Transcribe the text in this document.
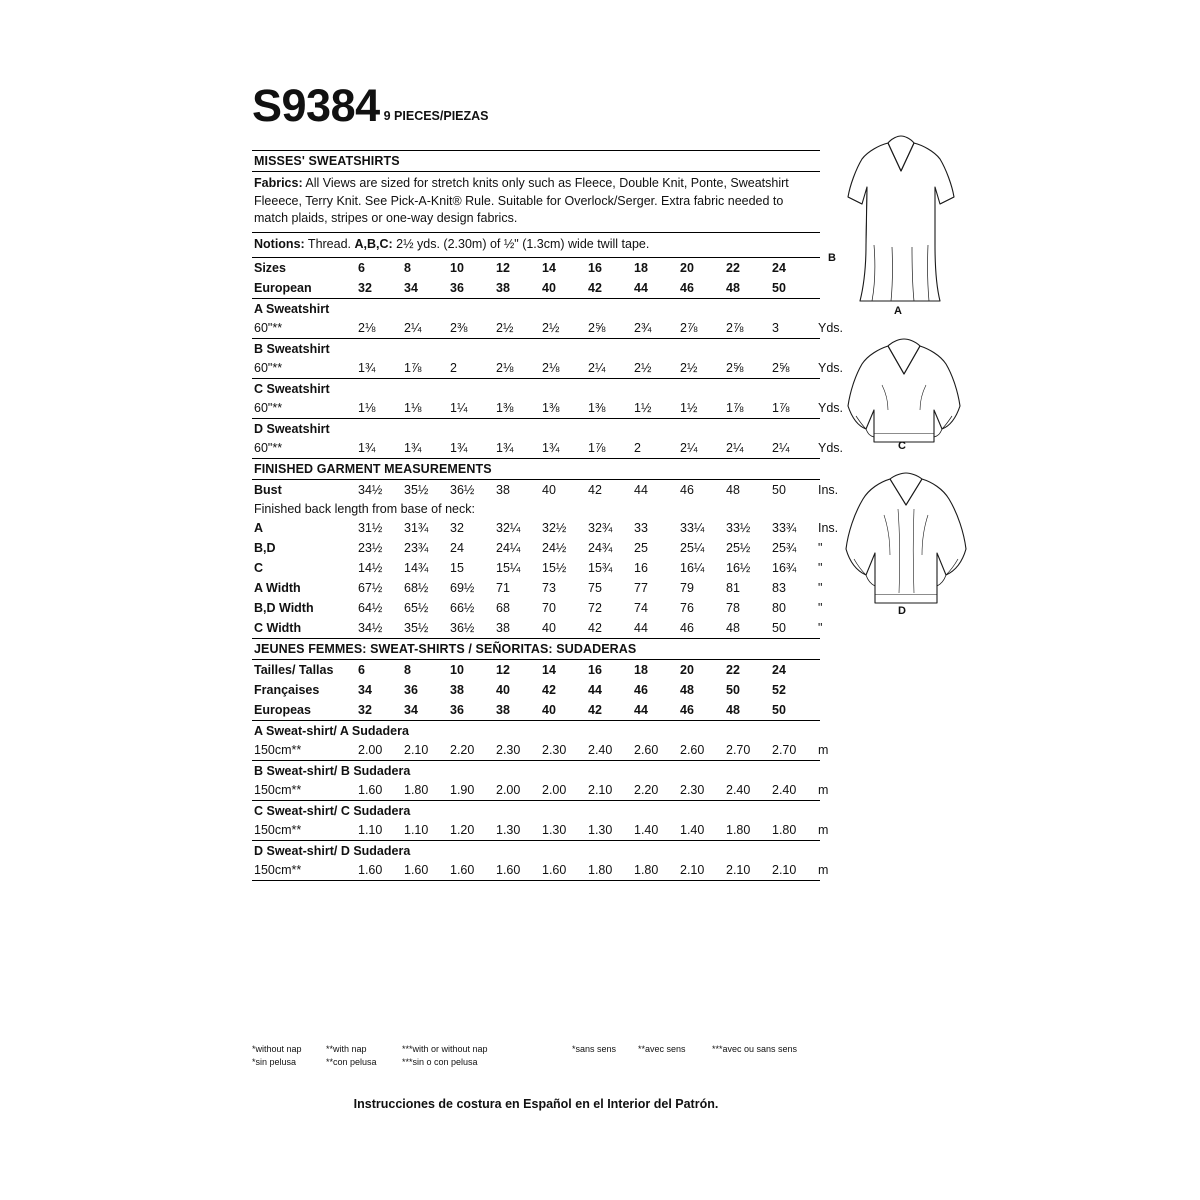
S9384 9 PIECES/PIEZAS
MISSES' SWEATSHIRTS
Fabrics: All Views are sized for stretch knits only such as Fleece, Double Knit, Ponte, Sweatshirt Fleeece, Terry Knit. See Pick-A-Knit® Rule. Suitable for Overlock/Serger. Extra fabric needed to match plaids, stripes or one-way design fabrics.
Notions: Thread. A,B,C: 2½ yds. (2.30m) of ½" (1.3cm) wide twill tape.
Sizes	6	8	10	12	14	16	18	20	22	24
European	32	34	36	38	40	42	44	46	48	50
A Sweatshirt
60"**	2⅛	2¼	2⅜	2½	2½	2⅝	2¾	2⅞	2⅞	3	Yds.
B Sweatshirt
60"**	1¾	1⅞	2	2⅛	2⅛	2¼	2½	2½	2⅝	2⅝	Yds.
C Sweatshirt
60"**	1⅛	1⅛	1¼	1⅜	1⅜	1⅜	1½	1½	1⅞	1⅞	Yds.
D Sweatshirt
60"**	1¾	1¾	1¾	1¾	1¾	1⅞	2	2¼	2¼	2¼	Yds.
FINISHED GARMENT MEASUREMENTS
Bust	34½	35½	36½	38	40	42	44	46	48	50	Ins.
Finished back length from base of neck:
A	31½	31¾	32	32¼	32½	32¾	33	33¼	33½	33¾	Ins.
B,D	23½	23¾	24	24¼	24½	24¾	25	25¼	25½	25¾	"
C	14½	14¾	15	15¼	15½	15¾	16	16¼	16½	16¾	"
A Width	67½	68½	69½	71	73	75	77	79	81	83	"
B,D Width	64½	65½	66½	68	70	72	74	76	78	80	"
C Width	34½	35½	36½	38	40	42	44	46	48	50	"
JEUNES FEMMES: SWEAT-SHIRTS / SEÑORITAS: SUDADERAS
Tailles/ Tallas	6	8	10	12	14	16	18	20	22	24
Françaises	34	36	38	40	42	44	46	48	50	52
Europeas	32	34	36	38	40	42	44	46	48	50
A Sweat-shirt/ A Sudadera
150cm**	2.00	2.10	2.20	2.30	2.30	2.40	2.60	2.60	2.70	2.70	m
B Sweat-shirt/ B Sudadera
150cm**	1.60	1.80	1.90	2.00	2.00	2.10	2.20	2.30	2.40	2.40	m
C Sweat-shirt/ C Sudadera
150cm**	1.10	1.10	1.20	1.30	1.30	1.30	1.40	1.40	1.80	1.80	m
D Sweat-shirt/ D Sudadera
150cm**	1.60	1.60	1.60	1.60	1.60	1.80	1.80	2.10	2.10	2.10	m
*without nap	**with nap	***with or without nap	*sans sens	**avec sens	***avec ou sans sens
*sin pelusa	**con pelusa	***sin o con pelusa
Instrucciones de costura en Español en el Interior del Patrón.
B
A
C
D
